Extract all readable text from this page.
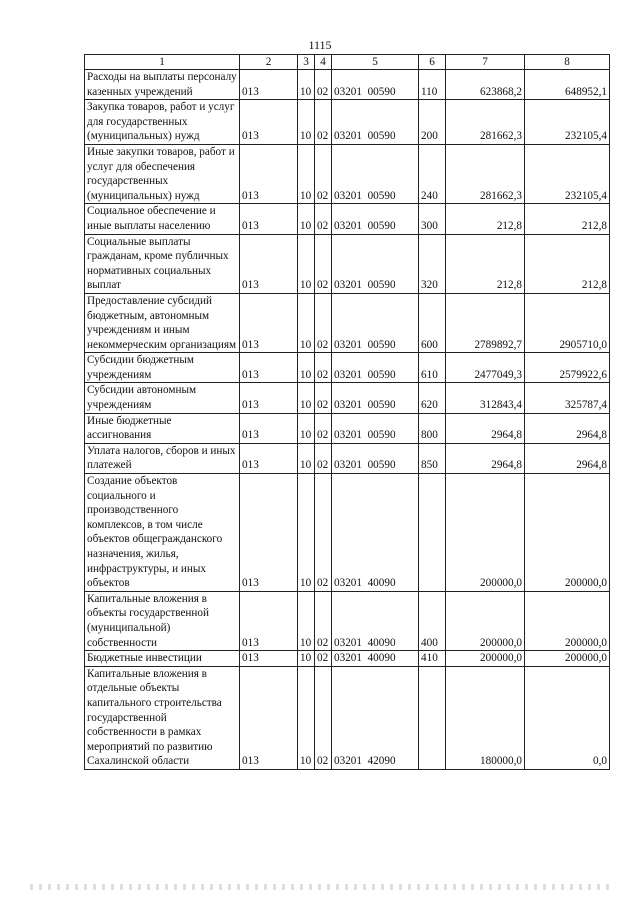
1115
1	2	3	4	5	6	7	8
Расходы на выплаты персоналу казенных учреждений	013	10	02	03201  00590	110	623868,2	648952,1
Закупка товаров, работ и услуг для государственных (муниципальных) нужд	013	10	02	03201  00590	200	281662,3	232105,4
Иные закупки товаров, работ и услуг для обеспечения государственных (муниципальных) нужд	013	10	02	03201  00590	240	281662,3	232105,4
Социальное обеспечение и иные выплаты населению	013	10	02	03201  00590	300	212,8	212,8
Социальные выплаты гражданам, кроме публичных нормативных социальных выплат	013	10	02	03201  00590	320	212,8	212,8
Предоставление субсидий бюджетным, автономным учреждениям и иным некоммерческим организациям	013	10	02	03201  00590	600	2789892,7	2905710,0
Субсидии бюджетным учреждениям	013	10	02	03201  00590	610	2477049,3	2579922,6
Субсидии автономным учреждениям	013	10	02	03201  00590	620	312843,4	325787,4
Иные бюджетные ассигнования	013	10	02	03201  00590	800	2964,8	2964,8
Уплата налогов, сборов и иных платежей	013	10	02	03201  00590	850	2964,8	2964,8
Создание объектов социального и производственного комплексов, в том числе объектов общегражданского назначения, жилья, инфраструктуры, и иных объектов	013	10	02	03201  40090		200000,0	200000,0
Капитальные вложения в объекты государственной (муниципальной) собственности	013	10	02	03201  40090	400	200000,0	200000,0
Бюджетные инвестиции	013	10	02	03201  40090	410	200000,0	200000,0
Капитальные вложения в отдельные объекты капитального строительства государственной собственности в рамках мероприятий по развитию Сахалинской области	013	10	02	03201  42090		180000,0	0,0
